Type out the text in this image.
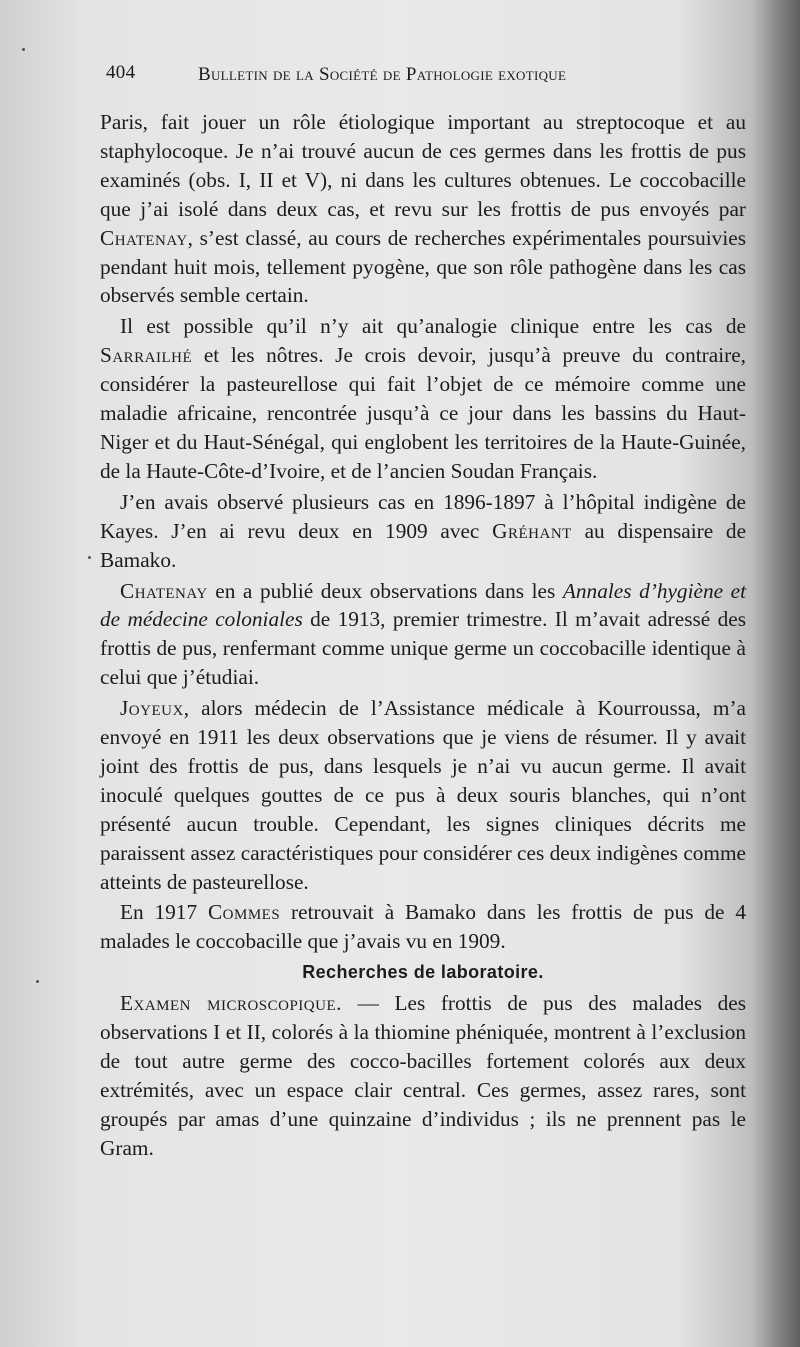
404	Bulletin de la Société de Pathologie exotique

Paris, fait jouer un rôle étiologique important au streptocoque et au staphylocoque. Je n’ai trouvé aucun de ces germes dans les frottis de pus examinés (obs. I, II et V), ni dans les cultures obtenues. Le coccobacille que j’ai isolé dans deux cas, et revu sur les frottis de pus envoyés par Chatenay, s’est classé, au cours de recherches expérimentales poursuivies pendant huit mois, tellement pyogène, que son rôle pathogène dans les cas observés semble certain.

Il est possible qu’il n’y ait qu’analogie clinique entre les cas de Sarrailhé et les nôtres. Je crois devoir, jusqu’à preuve du contraire, considérer la pasteurellose qui fait l’objet de ce mémoire comme une maladie africaine, rencontrée jusqu’à ce jour dans les bassins du Haut-Niger et du Haut-Sénégal, qui englobent les territoires de la Haute-Guinée, de la Haute-Côte-d’Ivoire, et de l’ancien Soudan Français.

J’en avais observé plusieurs cas en 1896-1897 à l’hôpital indigène de Kayes. J’en ai revu deux en 1909 avec Gréhant au dispensaire de Bamako.

Chatenay en a publié deux observations dans les Annales d’hygiène et de médecine coloniales de 1913, premier trimestre. Il m’avait adressé des frottis de pus, renfermant comme unique germe un coccobacille identique à celui que j’étudiai.

Joyeux, alors médecin de l’Assistance médicale à Kourroussa, m’a envoyé en 1911 les deux observations que je viens de résumer. Il y avait joint des frottis de pus, dans lesquels je n’ai vu aucun germe. Il avait inoculé quelques gouttes de ce pus à deux souris blanches, qui n’ont présenté aucun trouble. Cependant, les signes cliniques décrits me paraissent assez caractéristiques pour considérer ces deux indigènes comme atteints de pasteurellose.

En 1917 Commes retrouvait à Bamako dans les frottis de pus de 4 malades le coccobacille que j’avais vu en 1909.

Recherches de laboratoire.

Examen microscopique. — Les frottis de pus des malades des observations I et II, colorés à la thiomine phéniquée, montrent à l’exclusion de tout autre germe des cocco-bacilles fortement colorés aux deux extrémités, avec un espace clair central. Ces germes, assez rares, sont groupés par amas d’une quinzaine d’individus ; ils ne prennent pas le Gram.
